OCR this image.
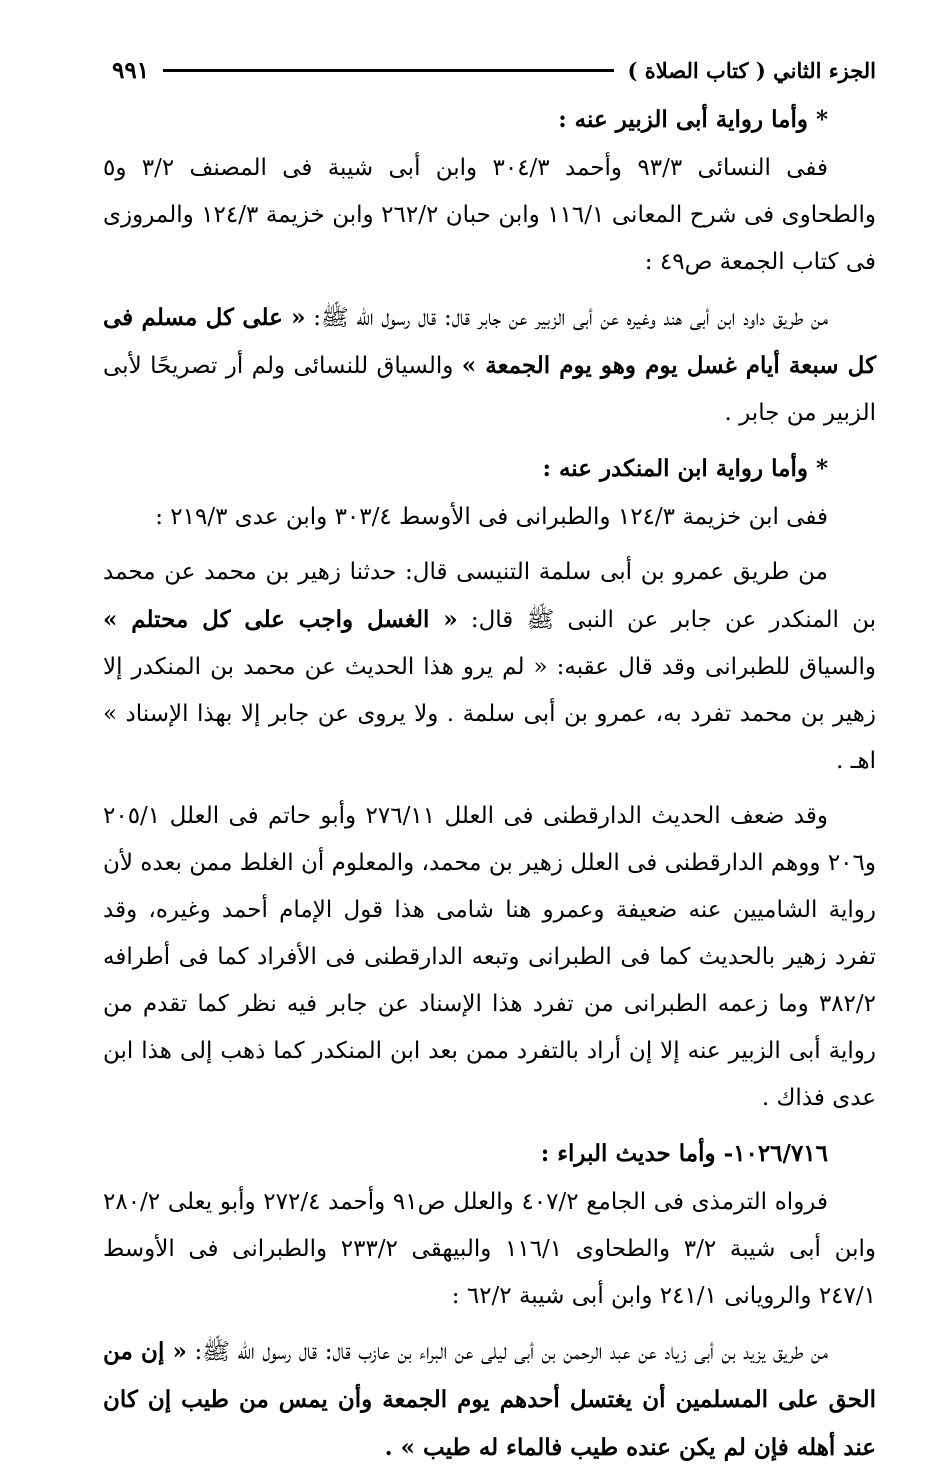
الجزء الثاني ( كتاب الصلاة )
٩٩١

* وأما رواية أبى الزبير عنه :

ففى النسائى ٩٣/٣ وأحمد ٣٠٤/٣ وابن أبى شيبة فى المصنف ٣/٢ و٥ والطحاوى فى شرح المعانى ١١٦/١ وابن حبان ٢٦٢/٢ وابن خزيمة ١٢٤/٣ والمروزى فى كتاب الجمعة ص٤٩ :

من طريق داود ابن أبى هند وغيره عن أبى الزبير عن جابر قال: قال رسول الله ﷺ: « على كل مسلم فى كل سبعة أيام غسل يوم وهو يوم الجمعة » والسياق للنسائى ولم أر تصريحًا لأبى الزبير من جابر .

* وأما رواية ابن المنكدر عنه :

ففى ابن خزيمة ١٢٤/٣ والطبرانى فى الأوسط ٣٠٣/٤ وابن عدى ٢١٩/٣ :

من طريق عمرو بن أبى سلمة التنيسى قال: حدثنا زهير بن محمد عن محمد بن المنكدر عن جابر عن النبى ﷺ قال: « الغسل واجب على كل محتلم » والسياق للطبرانى وقد قال عقبه: « لم يرو هذا الحديث عن محمد بن المنكدر إلا زهير بن محمد تفرد به، عمرو بن أبى سلمة . ولا يروى عن جابر إلا بهذا الإسناد » اهـ .

وقد ضعف الحديث الدارقطنى فى العلل ٢٧٦/١١ وأبو حاتم فى العلل ٢٠٥/١ و٢٠٦ ووهم الدارقطنى فى العلل زهير بن محمد، والمعلوم أن الغلط ممن بعده لأن رواية الشاميين عنه ضعيفة وعمرو هنا شامى هذا قول الإمام أحمد وغيره، وقد تفرد زهير بالحديث كما فى الطبرانى وتبعه الدارقطنى فى الأفراد كما فى أطرافه ٣٨٢/٢ وما زعمه الطبرانى من تفرد هذا الإسناد عن جابر فيه نظر كما تقدم من رواية أبى الزبير عنه إلا إن أراد بالتفرد ممن بعد ابن المنكدر كما ذهب إلى هذا ابن عدى فذاك .

١٠٢٦/٧١٦- وأما حديث البراء :

فرواه الترمذى فى الجامع ٤٠٧/٢ والعلل ص٩١ وأحمد ٢٧٢/٤ وأبو يعلى ٢٨٠/٢ وابن أبى شيبة ٣/٢ والطحاوى ١١٦/١ والبيهقى ٢٣٣/٢ والطبرانى فى الأوسط ٢٤٧/١ والرويانى ٢٤١/١ وابن أبى شيبة ٦٢/٢ :

من طريق يزيد بن أبى زياد عن عبد الرحمن بن أبى ليلى عن البراء بن عازب قال: قال رسول الله ﷺ: « إن من الحق على المسلمين أن يغتسل أحدهم يوم الجمعة وأن يمس من طيب إن كان عند أهله فإن لم يكن عنده طيب فالماء له طيب » .
